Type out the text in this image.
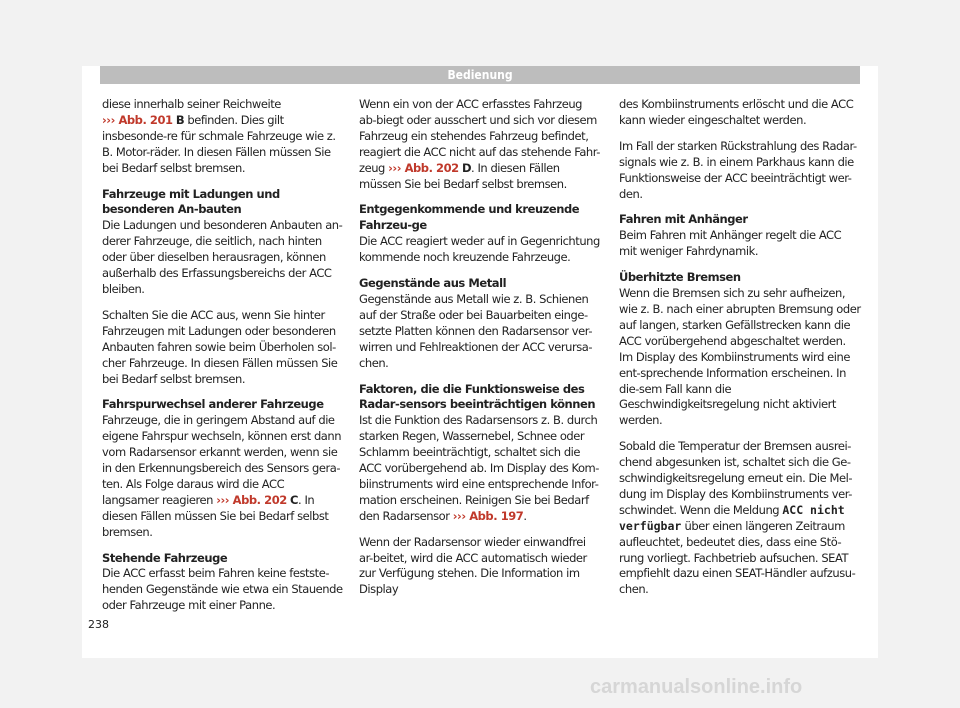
Bedienung

diese innerhalb seiner Reichweite
››› Abb. 201 B befinden. Dies gilt insbesonde-re für schmale Fahrzeuge wie z. B. Motor-räder. In diesen Fällen müssen Sie bei Bedarf selbst bremsen.

Fahrzeuge mit Ladungen und besonderen An-bauten

Die Ladungen und besonderen Anbauten an-derer Fahrzeuge, die seitlich, nach hinten oder über dieselben herausragen, können außerhalb des Erfassungsbereichs der ACC bleiben.

Schalten Sie die ACC aus, wenn Sie hinter Fahrzeugen mit Ladungen oder besonderen Anbauten fahren sowie beim Überholen sol-cher Fahrzeuge. In diesen Fällen müssen Sie bei Bedarf selbst bremsen.

Fahrspurwechsel anderer Fahrzeuge

Fahrzeuge, die in geringem Abstand auf die eigene Fahrspur wechseln, können erst dann vom Radarsensor erkannt werden, wenn sie in den Erkennungsbereich des Sensors gera-ten. Als Folge daraus wird die ACC langsamer reagieren ››› Abb. 202 C. In diesen Fällen müssen Sie bei Bedarf selbst bremsen.

Stehende Fahrzeuge

Die ACC erfasst beim Fahren keine festste-henden Gegenstände wie etwa ein Stauende oder Fahrzeuge mit einer Panne.

Wenn ein von der ACC erfasstes Fahrzeug ab-biegt oder ausschert und sich vor diesem Fahrzeug ein stehendes Fahrzeug befindet, reagiert die ACC nicht auf das stehende Fahr-zeug ››› Abb. 202 D. In diesen Fällen müssen Sie bei Bedarf selbst bremsen.

Entgegenkommende und kreuzende Fahrzeu-ge

Die ACC reagiert weder auf in Gegenrichtung kommende noch kreuzende Fahrzeuge.

Gegenstände aus Metall

Gegenstände aus Metall wie z. B. Schienen auf der Straße oder bei Bauarbeiten einge-setzte Platten können den Radarsensor ver-wirren und Fehlreaktionen der ACC verursa-chen.

Faktoren, die die Funktionsweise des Radar-sensors beeinträchtigen können

Ist die Funktion des Radarsensors z. B. durch starken Regen, Wassernebel, Schnee oder Schlamm beeinträchtigt, schaltet sich die ACC vorübergehend ab. Im Display des Kom-biinstruments wird eine entsprechende Infor-mation erscheinen. Reinigen Sie bei Bedarf den Radarsensor ››› Abb. 197.

Wenn der Radarsensor wieder einwandfrei ar-beitet, wird die ACC automatisch wieder zur Verfügung stehen. Die Information im Display

des Kombiinstruments erlöscht und die ACC kann wieder eingeschaltet werden.

Im Fall der starken Rückstrahlung des Radar-signals wie z. B. in einem Parkhaus kann die Funktionsweise der ACC beeinträchtigt wer-den.

Fahren mit Anhänger

Beim Fahren mit Anhänger regelt die ACC mit weniger Fahrdynamik.

Überhitzte Bremsen

Wenn die Bremsen sich zu sehr aufheizen, wie z. B. nach einer abrupten Bremsung oder auf langen, starken Gefällstrecken kann die ACC vorübergehend abgeschaltet werden. Im Display des Kombiinstruments wird eine ent-sprechende Information erscheinen. In die-sem Fall kann die Geschwindigkeitsregelung nicht aktiviert werden.

Sobald die Temperatur der Bremsen ausrei-chend abgesunken ist, schaltet sich die Ge-schwindigkeitsregelung erneut ein. Die Mel-dung im Display des Kombiinstruments ver-schwindet. Wenn die Meldung ACC nicht verfügbar über einen längeren Zeitraum aufleuchtet, bedeutet dies, dass eine Stö-rung vorliegt. Fachbetrieb aufsuchen. SEAT empfiehlt dazu einen SEAT-Händler aufzusu-chen.

238
carmanualsonline.info
